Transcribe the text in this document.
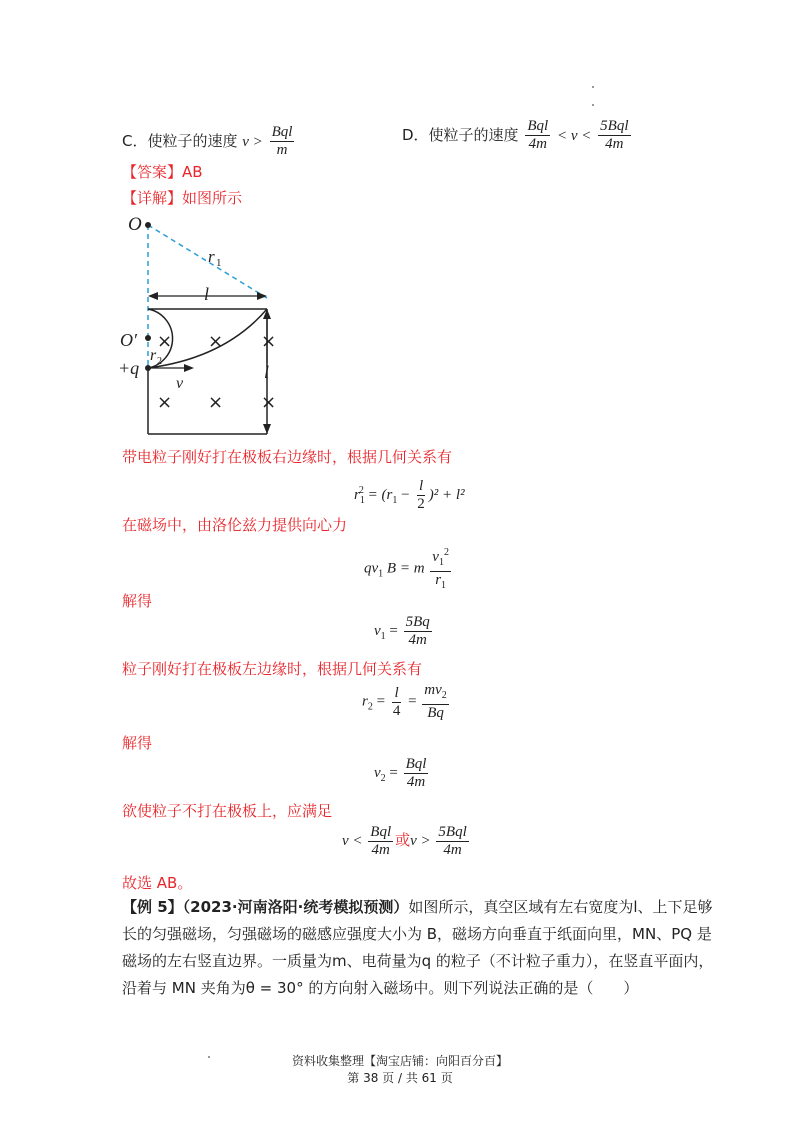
C．使粒子的速度 $v > \frac{\text{Bql}}{m}$	D．使粒子的速度 $\frac{\text{Bql}}{4m} < v < \frac{\text{5Bql}}{4m}$
【答案】AB
【详解】如图所示
× × ×
× × ×
O
r 1
l
O′
r 2
+q
v
l
带电粒子刚好打在极板右边缘时，根据几何关系有
$r_1^2 = (r_1 - \frac{l}{2} )^2 + l^2$
在磁场中，由洛伦兹力提供向心力
$qv_1$ B = m $\frac{v_1^2}{r_1}$
解得
$v_1 = \frac{5Bq}{4m}$
粒子刚好打在极板左边缘时，根据几何关系有
$r_2 = \frac{l}{4} = \frac{mv_2}{Bq}$
解得
$v_2 = \frac{\text{Bql}}{4m}$
欲使粒子不打在极板上，应满足
$v < \frac{\text{Bql}}{4m}$ 或$v > \frac{\text{5Bql}}{4m}$
故选 AB。
【例 5】（2023·河南洛阳·统考模拟预测）如图所示，真空区域有左右宽度为l、上下足够
长的匀强磁场，匀强磁场的磁感应强度大小为 B，磁场方向垂直于纸面向里，MN、PQ 是
磁场的左右竖直边界。一质量为m、电荷量为q 的粒子（不计粒子重力），在竖直平面内，
沿着与 MN 夹角为θ = 30° 的方向射入磁场中。则下列说法正确的是（　　）
资料收集整理【淘宝店铺：向阳百分百】
第 38 页 / 共 61 页
